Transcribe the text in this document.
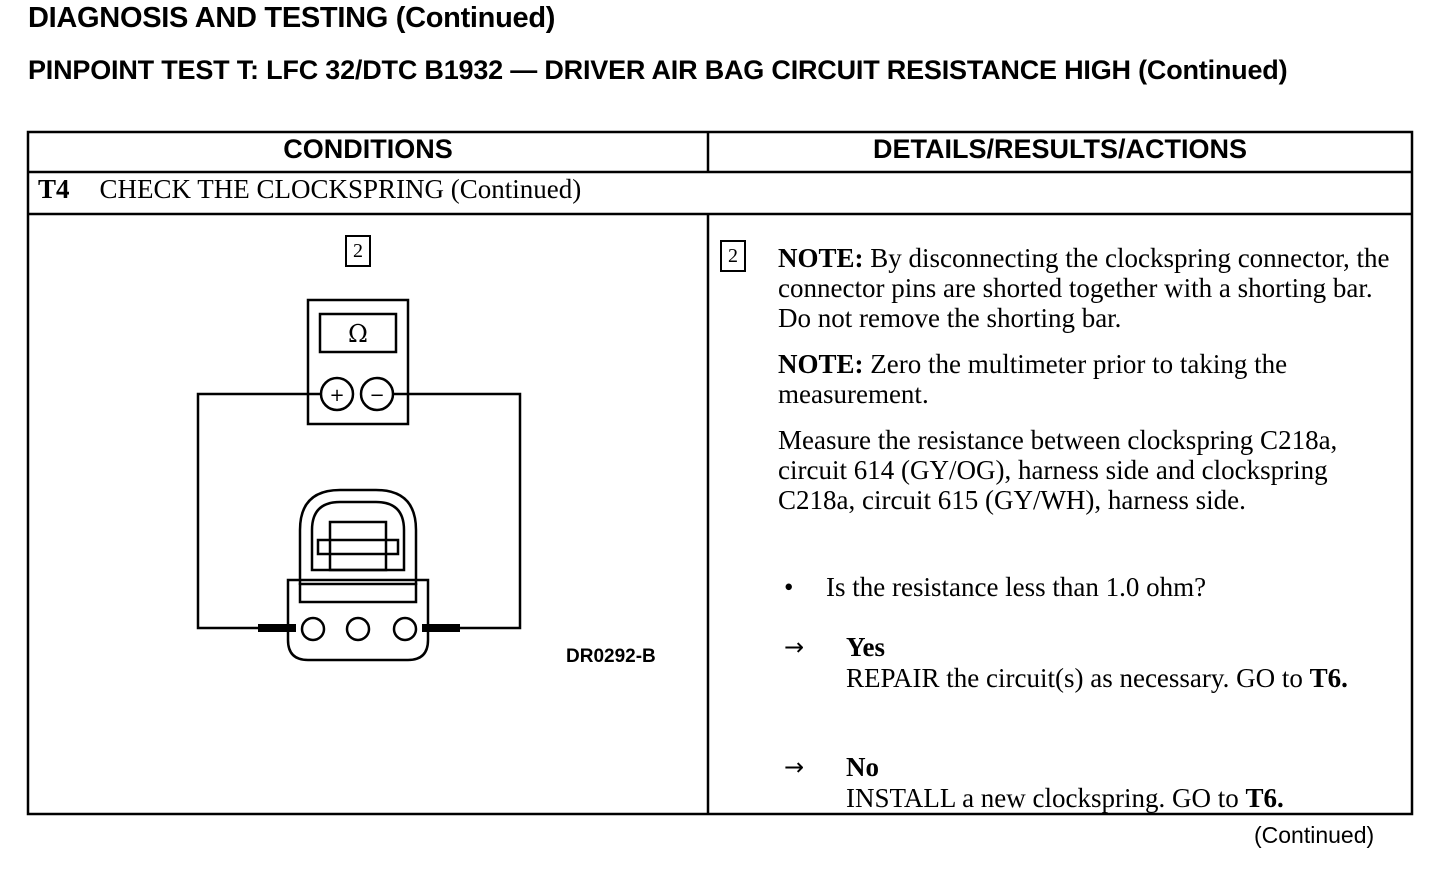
DIAGNOSIS AND TESTING (Continued)
PINPOINT TEST T: LFC 32/DTC B1932 — DRIVER AIR BAG CIRCUIT RESISTANCE HIGH (Continued)
CONDITIONS	DETAILS/RESULTS/ACTIONS
T4 CHECK THE CLOCKSPRING (Continued)
Ω
+ −
2
DR0292-B
2 NOTE: By disconnecting the clockspring connector, the connector pins are shorted together with a shorting bar. Do not remove the shorting bar.

NOTE: Zero the multimeter prior to taking the measurement.

Measure the resistance between clockspring C218a, circuit 614 (GY/OG), harness side and clockspring C218a, circuit 615 (GY/WH), harness side.

• Is the resistance less than 1.0 ohm?
→ Yes
REPAIR the circuit(s) as necessary. GO to T6.
→ No
INSTALL a new clockspring. GO to T6.
(Continued)
